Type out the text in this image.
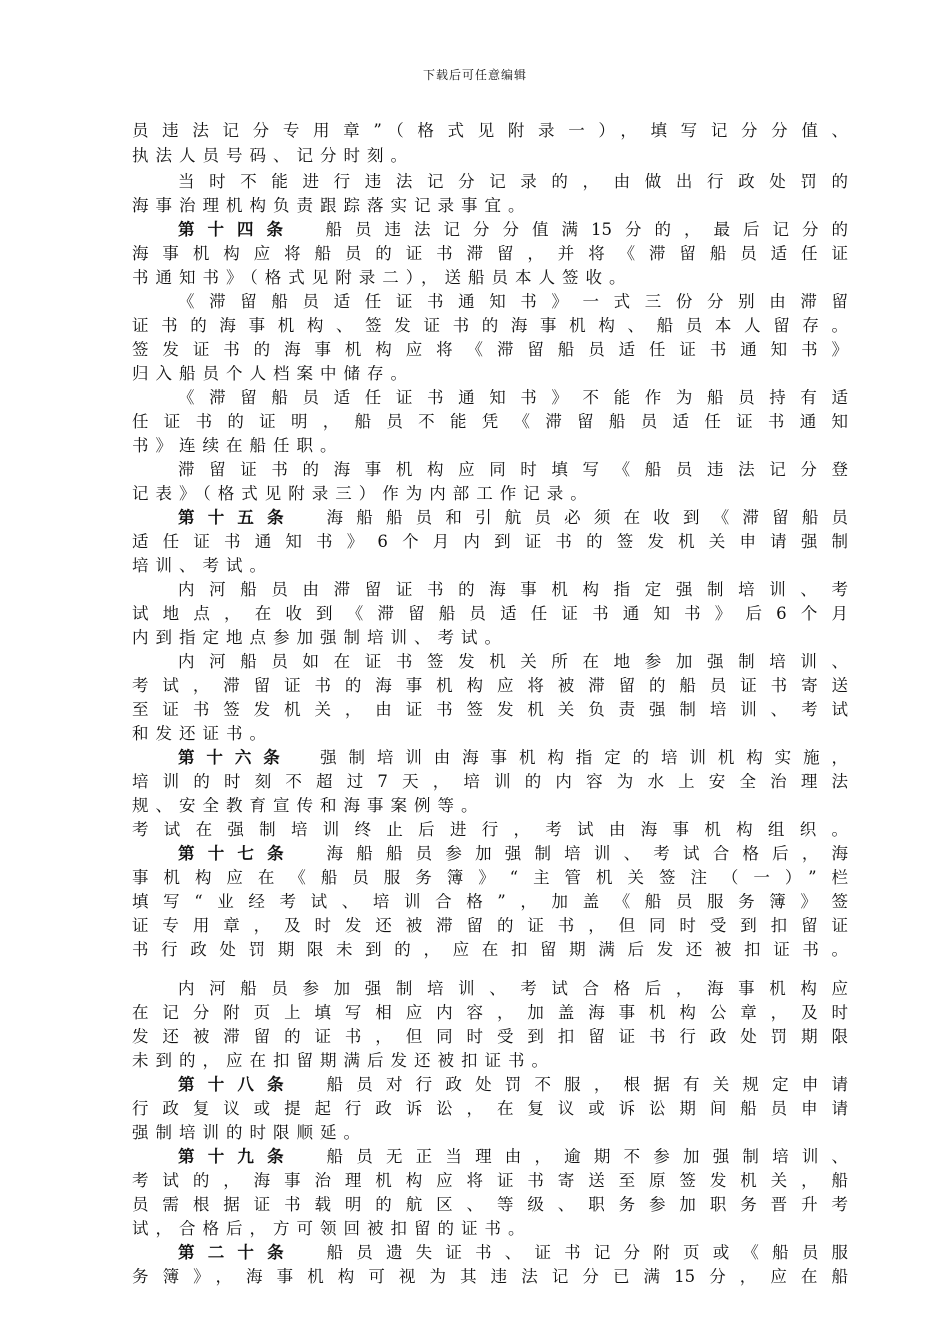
下载后可任意编辑
员违法记分专用章”（格式见附录一），填写记分分值、
执法人员号码、记分时刻。
当时不能进行违法记分记录的，由做出行政处罚的
海事治理机构负责跟踪落实记录事宜。
第十四条　 船员违法记分分值满15分的，最后记分的
海事机构应将船员的证书滞留，并将《滞留船员适任证
书通知书》（格式见附录二），送船员本人签收。
《滞留船员适任证书通知书》一式三份分别由滞留
证书的海事机构、签发证书的海事机构、船员本人留存。
签发证书的海事机构应将《滞留船员适任证书通知书》
归入船员个人档案中储存。
《滞留船员适任证书通知书》不能作为船员持有适
任证书的证明，船员不能凭《滞留船员适任证书通知
书》连续在船任职。
滞留证书的海事机构应同时填写《船员违法记分登
记表》（格式见附录三）作为内部工作记录。
第十五条　 海船船员和引航员必须在收到《滞留船员
适任证书通知书》6个月内到证书的签发机关申请强制
培训、考试。
内河船员由滞留证书的海事机构指定强制培训、考
试地点，在收到《滞留船员适任证书通知书》后6个月
内到指定地点参加强制培训、考试。
内河船员如在证书签发机关所在地参加强制培训、
考试，滞留证书的海事机构应将被滞留的船员证书寄送
至证书签发机关，由证书签发机关负责强制培训、考试
和发还证书。
第十六条　 强制培训由海事机构指定的培训机构实施，
培训的时刻不超过7天，培训的内容为水上安全治理法
规、安全教育宣传和海事案例等。
考试在强制培训终止后进行，考试由海事机构组织。
第十七条　 海船船员参加强制培训、考试合格后，海
事机构应在《船员服务簿》“主管机关签注（一）”栏
填写“业经考试、培训合格”，加盖《船员服务簿》签
证专用章，及时发还被滞留的证书，但同时受到扣留证
书行政处罚期限未到的，应在扣留期满后发还被扣证书。
内河船员参加强制培训、考试合格后，海事机构应
在记分附页上填写相应内容，加盖海事机构公章，及时
发还被滞留的证书，但同时受到扣留证书行政处罚期限
未到的，应在扣留期满后发还被扣证书。
第十八条　 船员对行政处罚不服，根据有关规定申请
行政复议或提起行政诉讼，在复议或诉讼期间船员申请
强制培训的时限顺延。
第十九条　 船员无正当理由，逾期不参加强制培训、
考试的，海事治理机构应将证书寄送至原签发机关，船
员需根据证书载明的航区、等级、职务参加职务晋升考
试，合格后，方可领回被扣留的证书。
第二十条　 船员遗失证书、证书记分附页或《船员服
务簿》，海事机构可视为其违法记分已满15分，应在船
